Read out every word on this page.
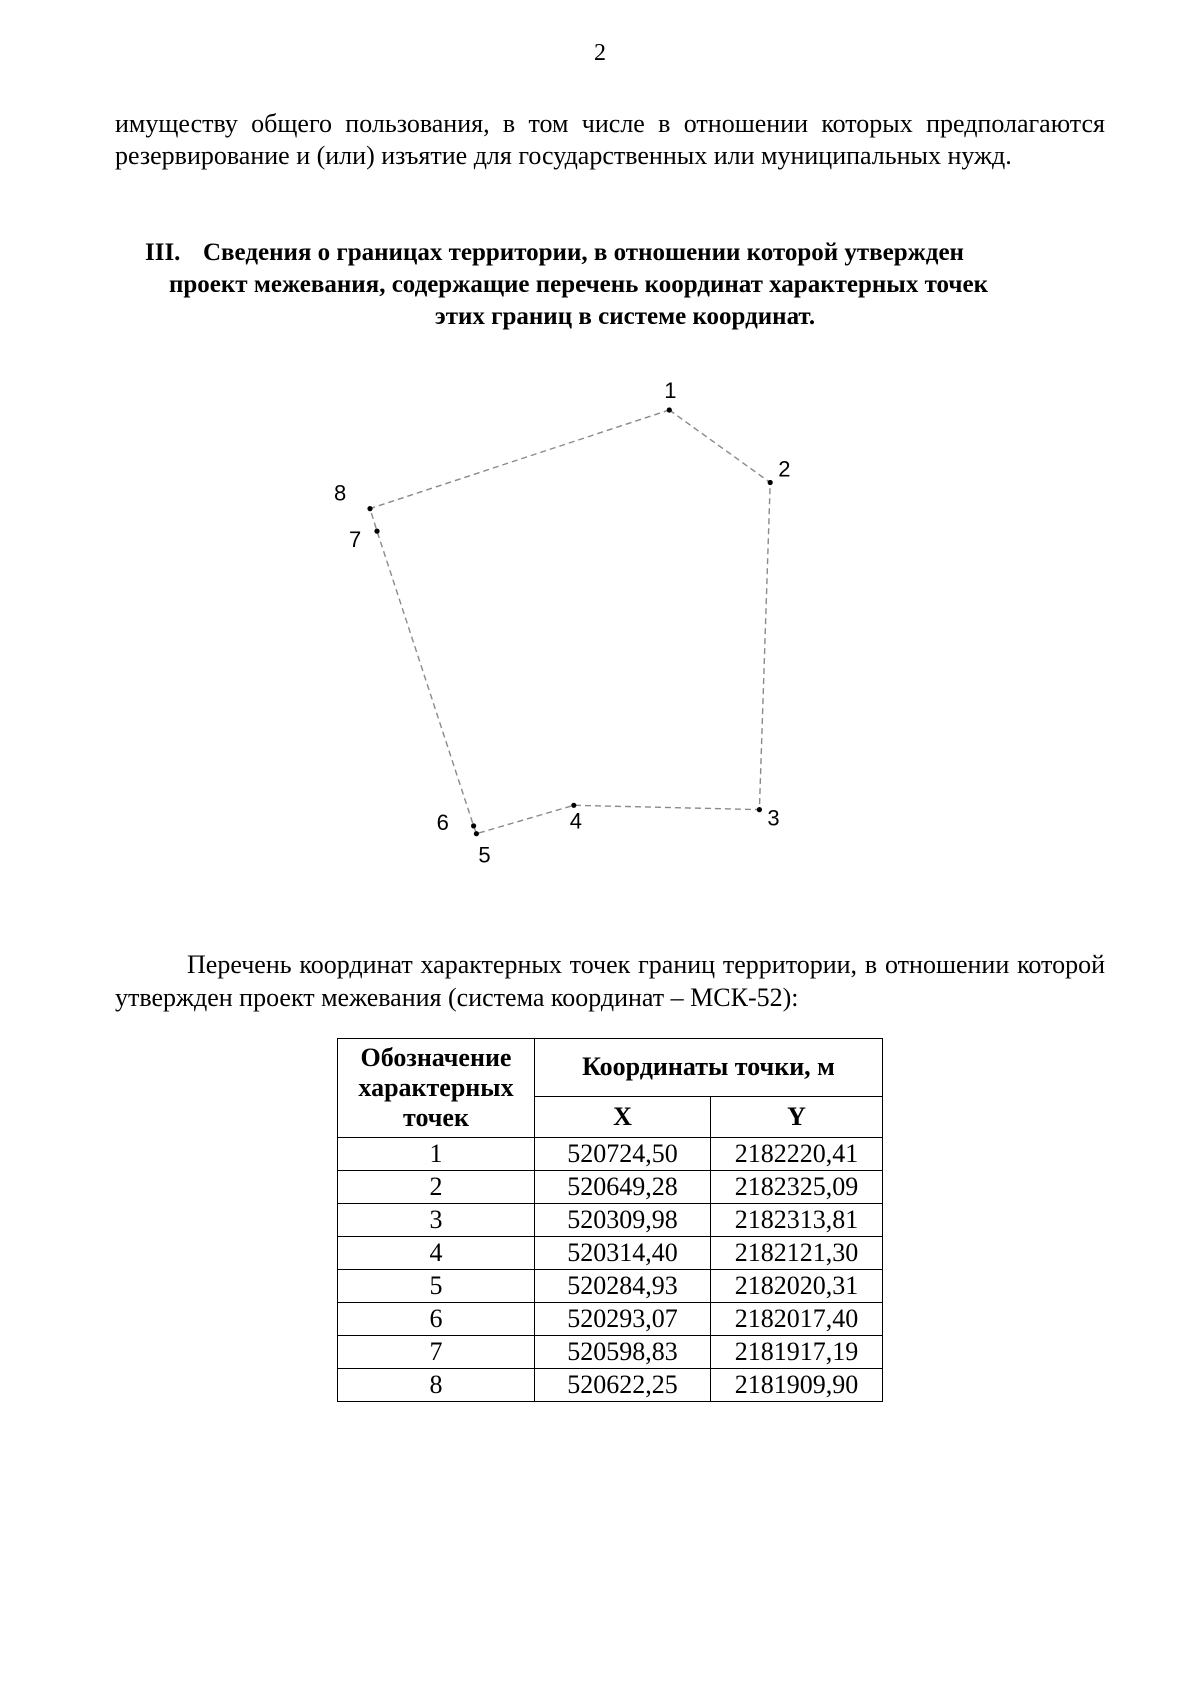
2

имуществу общего пользования, в том числе в отношении которых предполагаются резервирование и (или) изъятие для государственных или муниципальных нужд.

III. Сведения о границах территории, в отношении которой утвержден
проект межевания, содержащие перечень координат характерных точек
этих границ в системе координат.
1
2
3
4
5
6
7
8

Перечень координат характерных точек границ территории, в отношении которой утвержден проект межевания (система координат – МСК-52):

Обозначение характерных точек	Координаты точки, м	
	X	Y
1	520724,50	2182220,41
2	520649,28	2182325,09
3	520309,98	2182313,81
4	520314,40	2182121,30
5	520284,93	2182020,31
6	520293,07	2182017,40
7	520598,83	2181917,19
8	520622,25	2181909,90
